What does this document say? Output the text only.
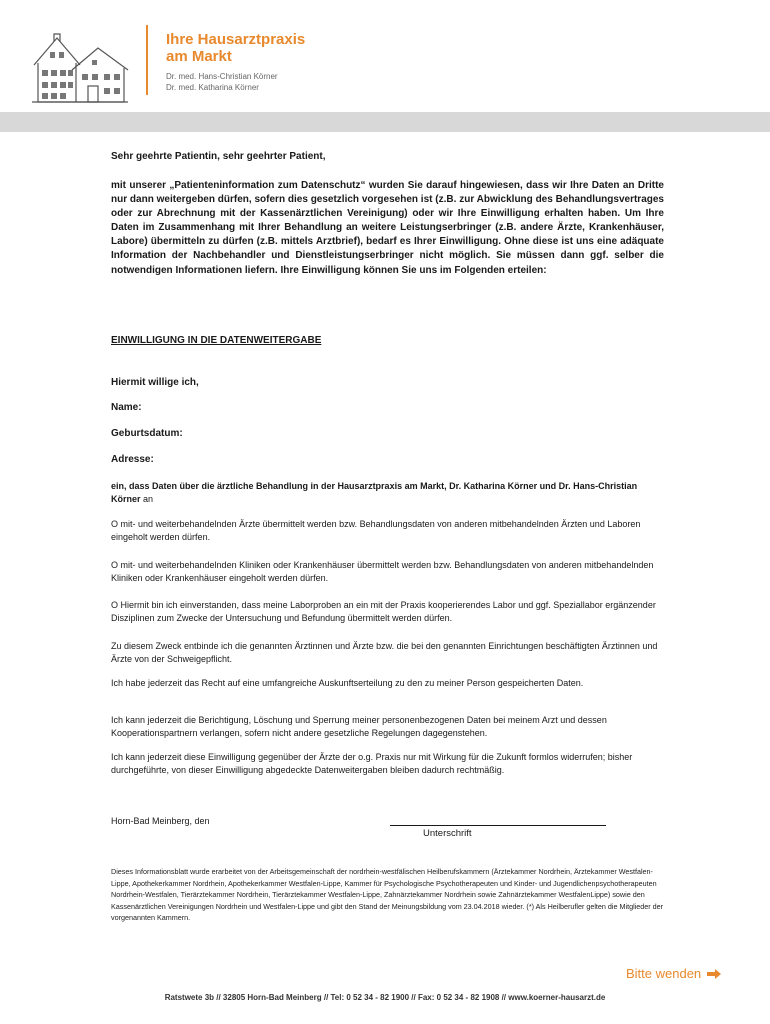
Ihre Hausarztpraxis
am Markt
Dr. med. Hans-Christian Körner
Dr. med. Katharina Körner
Sehr geehrte Patientin, sehr geehrter Patient,
mit unserer „Patienteninformation zum Datenschutz“ wurden Sie darauf hingewiesen, dass wir Ihre Daten an Dritte nur dann weitergeben dürfen, sofern dies gesetzlich vorgesehen ist (z.B. zur Abwicklung des Behandlungsvertrages oder zur Abrechnung mit der Kassenärztlichen Vereinigung) oder wir Ihre Einwilligung erhalten haben. Um Ihre Daten im Zusammenhang mit Ihrer Behandlung an weitere Leistungserbringer (z.B. andere Ärzte, Krankenhäuser, Labore) übermitteln zu dürfen (z.B. mittels Arztbrief), bedarf es Ihrer Einwilligung. Ohne diese ist uns eine adäquate Information der Nachbehandler und Dienstleistungserbringer nicht möglich. Sie müssen dann ggf. selber die notwendigen Informationen liefern. Ihre Einwilligung können Sie uns im Folgenden erteilen:
EINWILLIGUNG IN DIE DATENWEITERGABE
Hiermit willige ich,
Name:
Geburtsdatum:
Adresse:
ein, dass Daten über die ärztliche Behandlung in der Hausarztpraxis am Markt, Dr. Katharina Körner und Dr. Hans-Christian Körner an
O mit- und weiterbehandelnden Ärzte übermittelt werden bzw. Behandlungsdaten von anderen mitbehandelnden Ärzten und Laboren eingeholt werden dürfen.
O mit- und weiterbehandelnden Kliniken oder Krankenhäuser übermittelt werden bzw. Behandlungsdaten von anderen mitbehandelnden Kliniken oder Krankenhäuser eingeholt werden dürfen.
O Hiermit bin ich einverstanden, dass meine Laborproben an ein mit der Praxis kooperierendes Labor und ggf. Speziallabor ergänzender Disziplinen zum Zwecke der Untersuchung und Befundung übermittelt werden dürfen.
Zu diesem Zweck entbinde ich die genannten Ärztinnen und Ärzte bzw. die bei den genannten Einrichtungen beschäftigten Ärztinnen und Ärzte von der Schweigepflicht.
Ich habe jederzeit das Recht auf eine umfangreiche Auskunftserteilung zu den zu meiner Person gespeicherten Daten.
Ich kann jederzeit die Berichtigung, Löschung und Sperrung meiner personenbezogenen Daten bei meinem Arzt und dessen Kooperationspartnern verlangen, sofern nicht andere gesetzliche Regelungen dagegenstehen.
Ich kann jederzeit diese Einwilligung gegenüber der Ärzte der o.g. Praxis nur mit Wirkung für die Zukunft formlos widerrufen; bisher durchgeführte, von dieser Einwilligung abgedeckte Datenweitergaben bleiben dadurch rechtmäßig.
Horn-Bad Meinberg, den
Unterschrift
Dieses Informationsblatt wurde erarbeitet von der Arbeitsgemeinschaft der nordrhein-westfälischen Heilberufskammern (Ärztekammer Nordrhein, Ärztekammer Westfalen-Lippe, Apothekerkammer Nordrhein, Apothekerkammer Westfalen-Lippe, Kammer für Psychologische Psychotherapeuten und Kinder- und Jugendlichenpsychotherapeuten Nordrhein-Westfalen, Tierärztekammer Nordrhein, Tierärztekammer Westfalen-Lippe, Zahnärztekammer Nordrhein sowie Zahnärztekammer WestfalenLippe) sowie den Kassenärztlichen Vereinigungen Nordrhein und Westfalen-Lippe und gibt den Stand der Meinungsbildung vom 23.04.2018 wieder. (*) Als Heilberufler gelten die Mitglieder der vorgenannten Kammern.
Bitte wenden
Ratstwete 3b // 32805 Horn-Bad Meinberg // Tel: 0 52 34 - 82 1900 // Fax: 0 52 34 - 82 1908 // www.koerner-hausarzt.de
